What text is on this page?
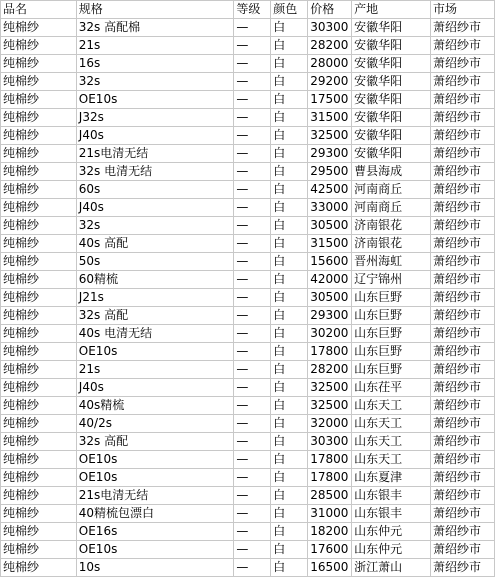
品名	规格	等级	颜色	价格	产地	市场
纯棉纱	32s 高配棉	—	白	30300	安徽华阳	萧绍纱市
纯棉纱	21s	—	白	28200	安徽华阳	萧绍纱市
纯棉纱	16s	—	白	28000	安徽华阳	萧绍纱市
纯棉纱	32s	—	白	29200	安徽华阳	萧绍纱市
纯棉纱	OE10s	—	白	17500	安徽华阳	萧绍纱市
纯棉纱	J32s	—	白	31500	安徽华阳	萧绍纱市
纯棉纱	J40s	—	白	32500	安徽华阳	萧绍纱市
纯棉纱	21s电清无结	—	白	29300	安徽华阳	萧绍纱市
纯棉纱	32s 电清无结	—	白	29500	曹县海成	萧绍纱市
纯棉纱	60s	—	白	42500	河南商丘	萧绍纱市
纯棉纱	J40s	—	白	33000	河南商丘	萧绍纱市
纯棉纱	32s	—	白	30500	济南银花	萧绍纱市
纯棉纱	40s 高配	—	白	31500	济南银花	萧绍纱市
纯棉纱	50s	—	白	15600	晋州海虹	萧绍纱市
纯棉纱	60精梳	—	白	42000	辽宁锦州	萧绍纱市
纯棉纱	J21s	—	白	30500	山东巨野	萧绍纱市
纯棉纱	32s 高配	—	白	29300	山东巨野	萧绍纱市
纯棉纱	40s 电清无结	—	白	30200	山东巨野	萧绍纱市
纯棉纱	OE10s	—	白	17800	山东巨野	萧绍纱市
纯棉纱	21s	—	白	28200	山东巨野	萧绍纱市
纯棉纱	J40s	—	白	32500	山东茌平	萧绍纱市
纯棉纱	40s精梳	—	白	32500	山东天工	萧绍纱市
纯棉纱	40/2s	—	白	32000	山东天工	萧绍纱市
纯棉纱	32s 高配	—	白	30300	山东天工	萧绍纱市
纯棉纱	OE10s	—	白	17800	山东天工	萧绍纱市
纯棉纱	OE10s	—	白	17800	山东夏津	萧绍纱市
纯棉纱	21s电清无结	—	白	28500	山东银丰	萧绍纱市
纯棉纱	40精梳包漂白	—	白	31000	山东银丰	萧绍纱市
纯棉纱	OE16s	—	白	18200	山东仲元	萧绍纱市
纯棉纱	OE10s	—	白	17600	山东仲元	萧绍纱市
纯棉纱	10s	—	白	16500	浙江萧山	萧绍纱市
